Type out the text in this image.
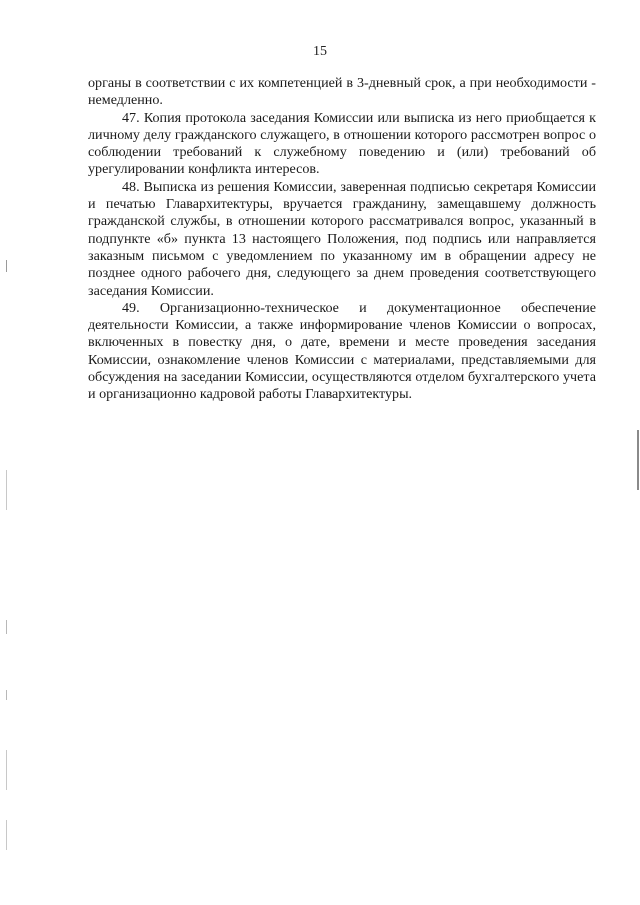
15

органы в соответствии с их компетенцией в 3-дневный срок, а при необходимости - немедленно.

47. Копия протокола заседания Комиссии или выписка из него приобщается к личному делу гражданского служащего, в отношении которого рассмотрен вопрос о соблюдении требований к служебному поведению и (или) требований об урегулировании конфликта интересов.

48. Выписка из решения Комиссии, заверенная подписью секретаря Комиссии и печатью Главархитектуры, вручается гражданину, замещавшему должность гражданской службы, в отношении которого рассматривался вопрос, указанный в подпункте «б» пункта 13 настоящего Положения, под подпись или направляется заказным письмом с уведомлением по указанному им в обращении адресу не позднее одного рабочего дня, следующего за днем проведения соответствующего заседания Комиссии.

49. Организационно-техническое и документационное обеспечение деятельности Комиссии, а также информирование членов Комиссии о вопросах, включенных в повестку дня, о дате, времени и месте проведения заседания Комиссии, ознакомление членов Комиссии с материалами, представляемыми для обсуждения на заседании Комиссии, осуществляются отделом бухгалтерского учета и организационно кадровой работы Главархитектуры.
